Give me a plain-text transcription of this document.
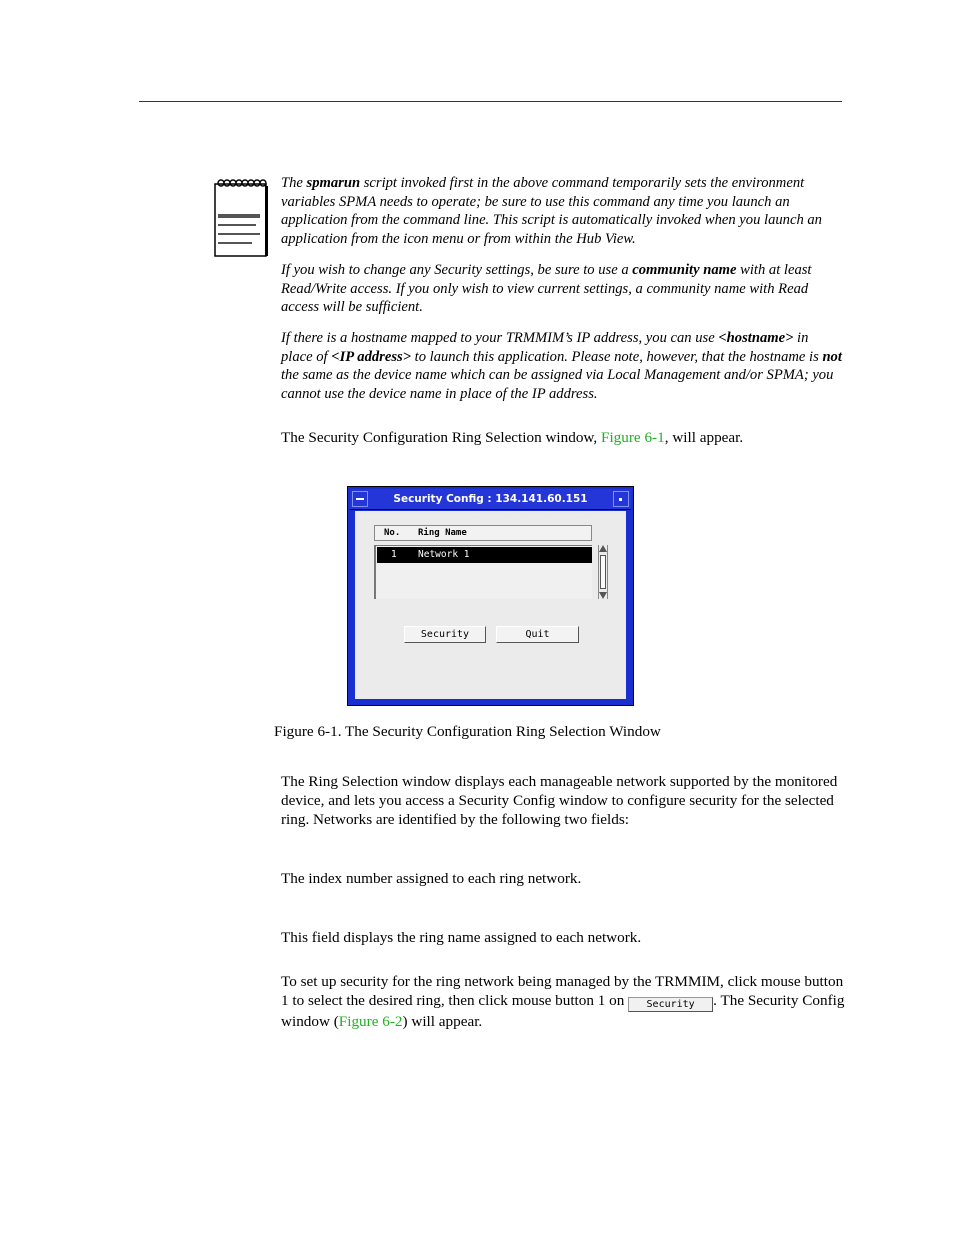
The spmarun script invoked first in the above command temporarily sets the environment variables SPMA needs to operate; be sure to use this command any time you launch an application from the command line. This script is automatically invoked when you launch an application from the icon menu or from within the Hub View.

If you wish to change any Security settings, be sure to use a community name with at least Read/Write access. If you only wish to view current settings, a community name with Read access will be sufficient.

If there is a hostname mapped to your TRMMIM’s IP address, you can use <hostname> in place of <IP address> to launch this application. Please note, however, that the hostname is not the same as the device name which can be assigned via Local Management and/or SPMA; you cannot use the device name in place of the IP address.

The Security Configuration Ring Selection window, Figure 6-1, will appear.

Security Config : 134.141.60.151
No. Ring Name
1 Network 1
Security	Quit
Figure 6-1. The Security Configuration Ring Selection Window

The Ring Selection window displays each manageable network supported by the monitored device, and lets you access a Security Config window to configure security for the selected ring. Networks are identified by the following two fields:

The index number assigned to each ring network.
This field displays the ring name assigned to each network.

To set up security for the ring network being managed by the TRMMIM, click mouse button 1 to select the desired ring, then click mouse button 1 on Security . The Security Config window (Figure 6-2) will appear.
